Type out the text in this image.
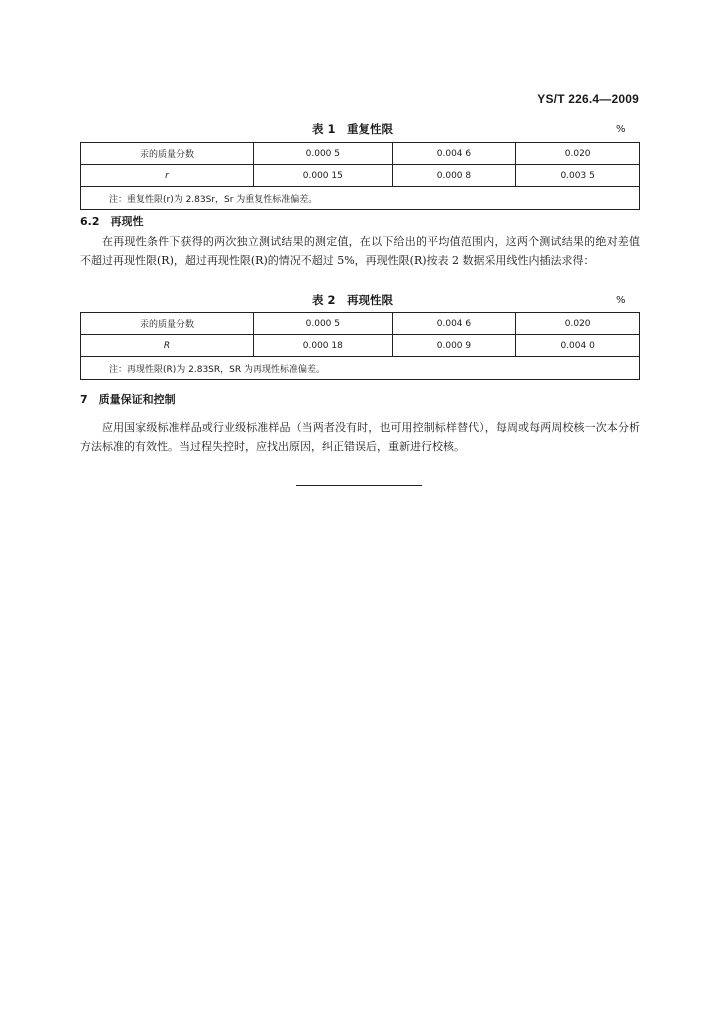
YS/T 226.4—2009
表 1　重复性限	%
汞的质量分数	0.000 5	0.004 6	0.020
r	0.000 15	0.000 8	0.003 5
注：重复性限(r)为 2.83Sr，Sr 为重复性标准偏差。			
6.2　再现性
在再现性条件下获得的两次独立测试结果的测定值，在以下给出的平均值范围内，这两个测试结果的绝对差值不超过再现性限(R)，超过再现性限(R)的情况不超过 5%，再现性限(R)按表 2 数据采用线性内插法求得：
表 2　再现性限	%
汞的质量分数	0.000 5	0.004 6	0.020
R	0.000 18	0.000 9	0.004 0
注：再现性限(R)为 2.83SR，SR 为再现性标准偏差。			
7　质量保证和控制
应用国家级标准样品或行业级标准样品（当两者没有时，也可用控制标样替代），每周或每两周校核一次本分析方法标准的有效性。当过程失控时，应找出原因，纠正错误后，重新进行校核。
